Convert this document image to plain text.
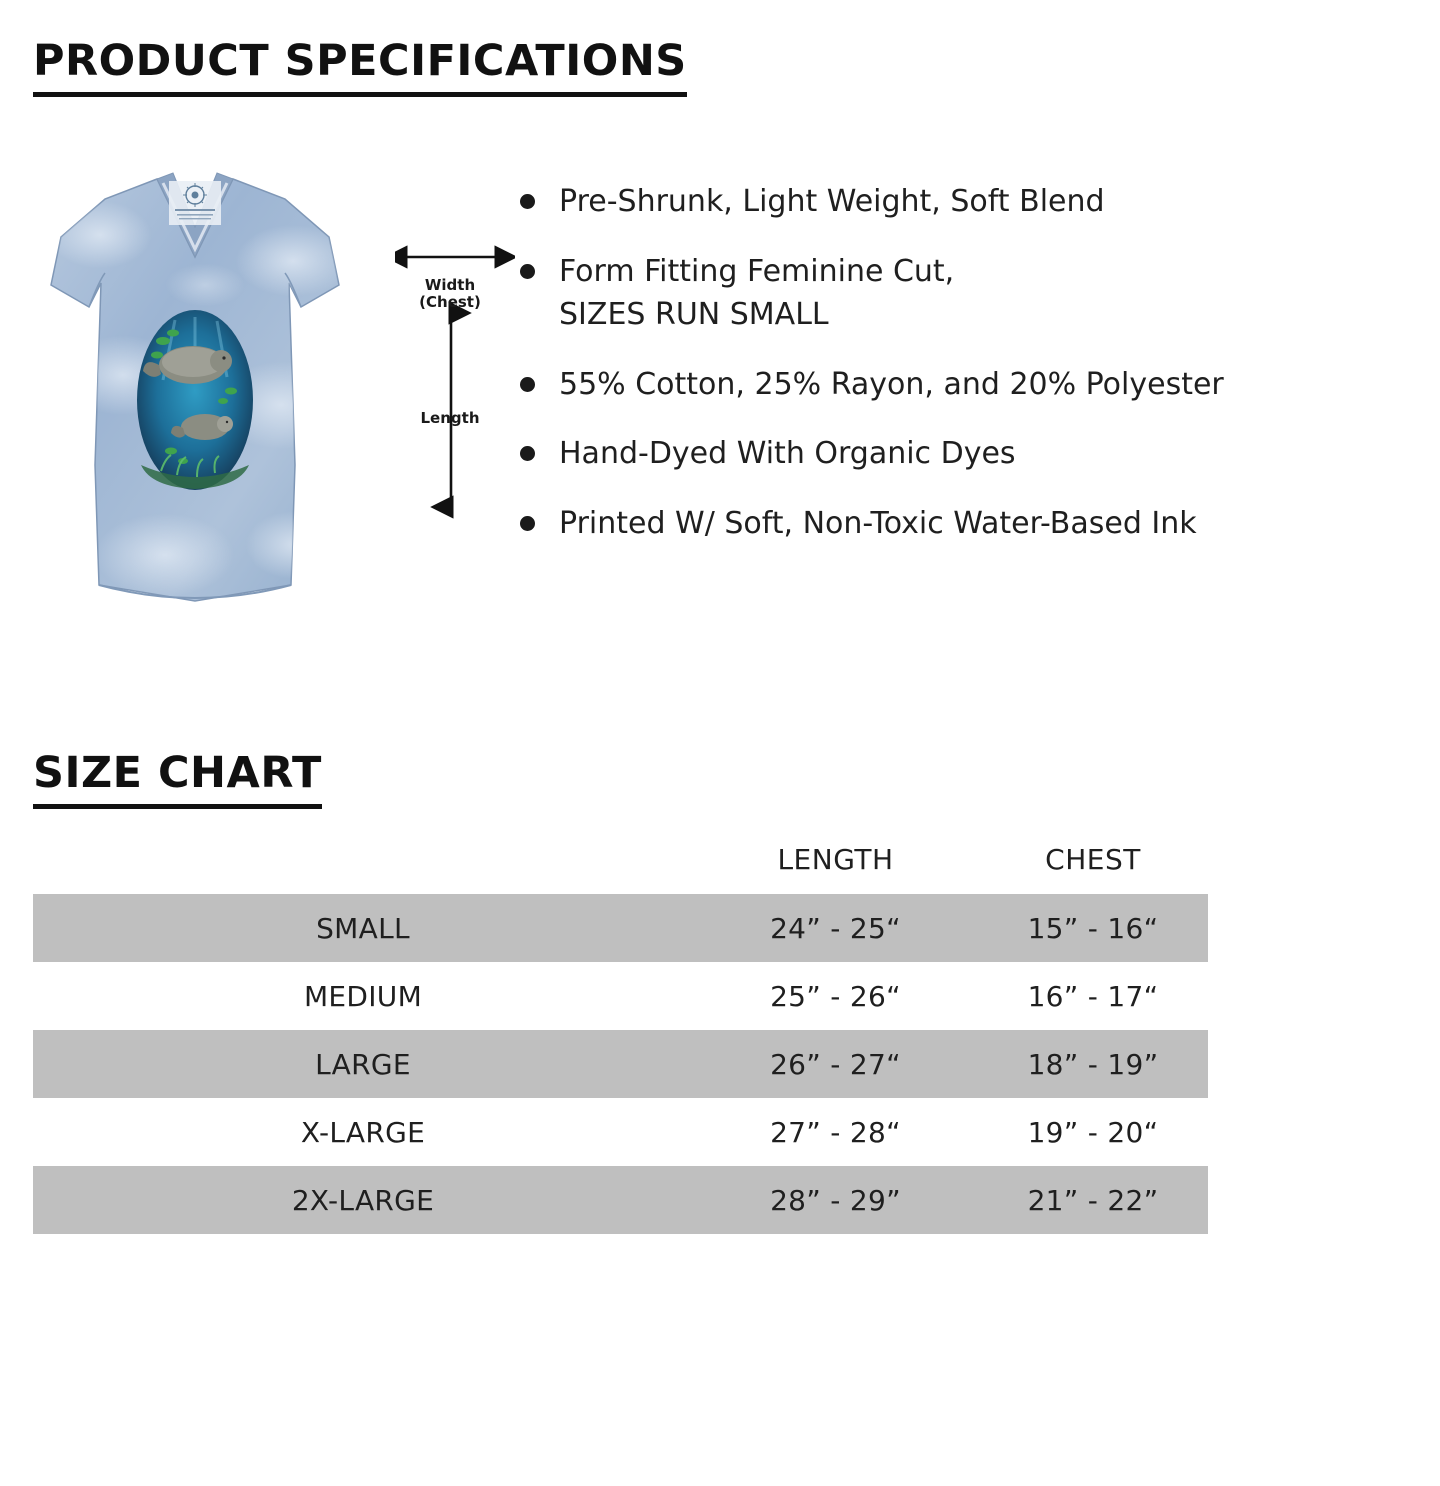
PRODUCT SPECIFICATIONS
Width
(Chest)
Length
Pre-Shrunk, Light Weight, Soft Blend
Form Fitting Feminine Cut,
SIZES RUN SMALL
55% Cotton, 25% Rayon, and 20% Polyester
Hand-Dyed With Organic Dyes
Printed W/ Soft, Non-Toxic Water-Based Ink
SIZE CHART
	LENGTH	CHEST
SMALL	24” - 25“	15” - 16“
MEDIUM	25” - 26“	16” - 17“
LARGE	26” - 27“	18” - 19”
X-LARGE	27” - 28“	19” - 20“
2X-LARGE	28” - 29”	21” - 22”
